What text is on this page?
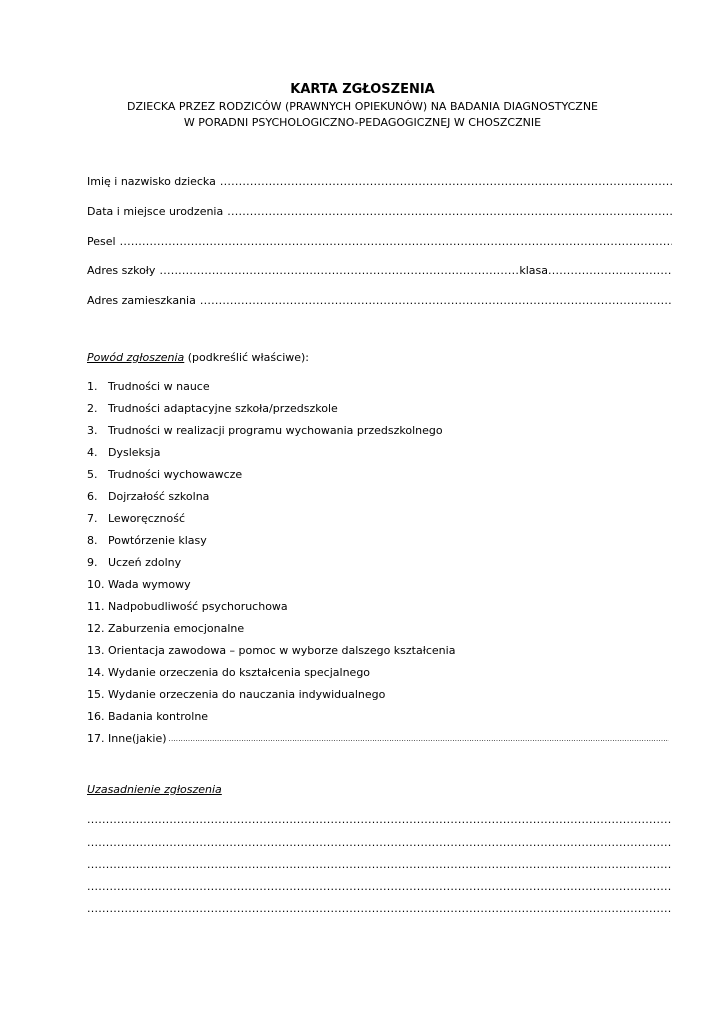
KARTA ZGŁOSZENIA
DZIECKA PRZEZ RODZICÓW (PRAWNYCH OPIEKUNÓW) NA BADANIA DIAGNOSTYCZNE
W PORADNI PSYCHOLOGICZNO-PEDAGOGICZNEJ W CHOSZCZNIE
Imię i nazwisko dziecka
.....
Data i miejsce urodzenia
.....
Pesel
.....
Adres szkoły
.....	klasa
.....
Adres zamieszkania
.....
Powód zgłoszenia (podkreślić właściwe):
1. Trudności w nauce
2. Trudności adaptacyjne szkoła/przedszkole
3. Trudności w realizacji programu wychowania przedszkolnego
4. Dysleksja
5. Trudności wychowawcze
6. Dojrzałość szkolna
7. Leworęczność
8. Powtórzenie klasy
9. Uczeń zdolny
10. Wada wymowy
11. Nadpobudliwość psychoruchowa
12. Zaburzenia emocjonalne
13. Orientacja zawodowa – pomoc w wyborze dalszego kształcenia
14. Wydanie orzeczenia do kształcenia specjalnego
15. Wydanie orzeczenia do nauczania indywidualnego
16. Badania kontrolne
17. Inne(jakie)
.....
Uzasadnienie zgłoszenia
.....
.....
.....
.....
.....
